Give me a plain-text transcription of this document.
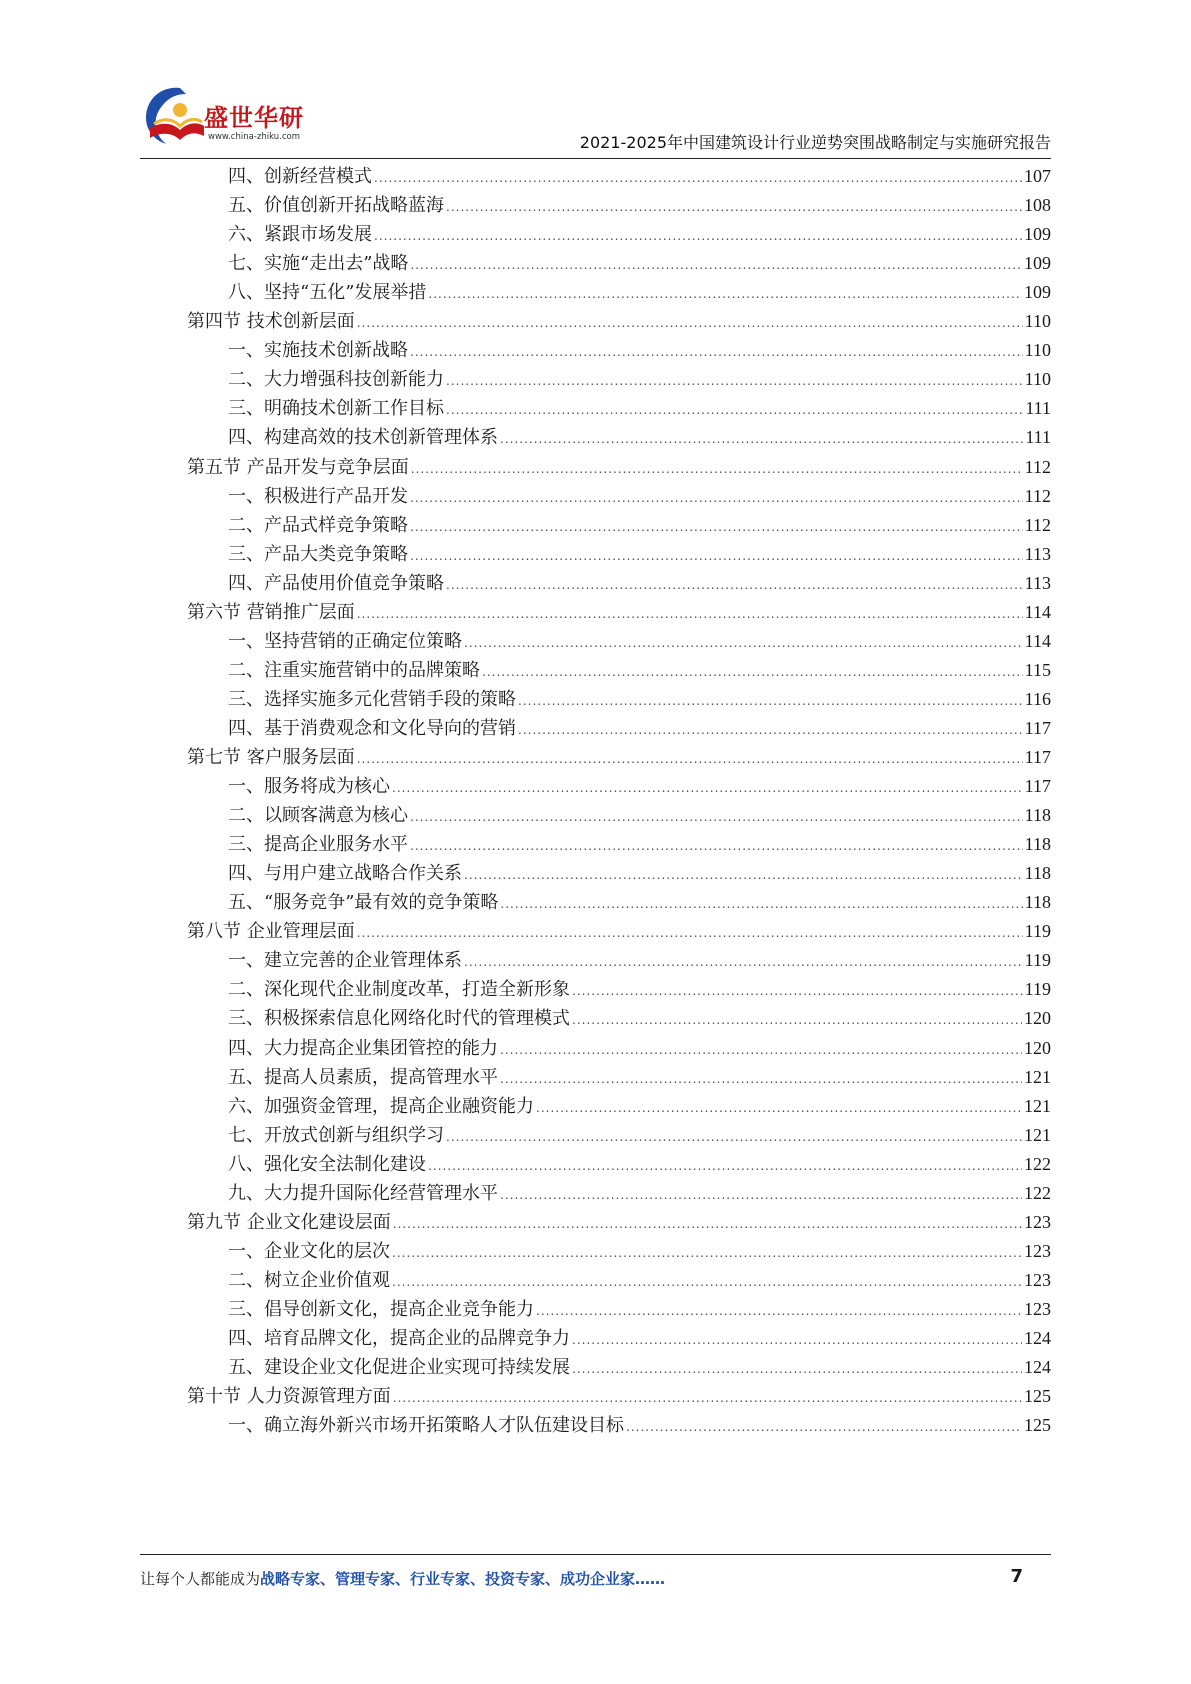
盛世华研
www.china-zhiku.com	2021-2025年中国建筑设计行业逆势突围战略制定与实施研究报告
四、创新经营模式 .....	107
五、价值创新开拓战略蓝海 .....	108
六、紧跟市场发展 .....	109
七、实施“走出去”战略 .....	109
八、坚持“五化”发展举措 .....	109
第四节 技术创新层面 .....	110
一、实施技术创新战略 .....	110
二、大力增强科技创新能力 .....	110
三、明确技术创新工作目标 .....	111
四、构建高效的技术创新管理体系 .....	111
第五节 产品开发与竞争层面 .....	112
一、积极进行产品开发 .....	112
二、产品式样竞争策略 .....	112
三、产品大类竞争策略 .....	113
四、产品使用价值竞争策略 .....	113
第六节 营销推广层面 .....	114
一、坚持营销的正确定位策略 .....	114
二、注重实施营销中的品牌策略 .....	115
三、选择实施多元化营销手段的策略 .....	116
四、基于消费观念和文化导向的营销 .....	117
第七节 客户服务层面 .....	117
一、服务将成为核心 .....	117
二、以顾客满意为核心 .....	118
三、提高企业服务水平 .....	118
四、与用户建立战略合作关系 .....	118
五、“服务竞争”最有效的竞争策略 .....	118
第八节 企业管理层面 .....	119
一、建立完善的企业管理体系 .....	119
二、深化现代企业制度改革，打造全新形象 .....	119
三、积极探索信息化网络化时代的管理模式 .....	120
四、大力提高企业集团管控的能力 .....	120
五、提高人员素质，提高管理水平 .....	121
六、加强资金管理，提高企业融资能力 .....	121
七、开放式创新与组织学习 .....	121
八、强化安全法制化建设 .....	122
九、大力提升国际化经营管理水平 .....	122
第九节 企业文化建设层面 .....	123
一、企业文化的层次 .....	123
二、树立企业价值观 .....	123
三、倡导创新文化，提高企业竞争能力 .....	123
四、培育品牌文化，提高企业的品牌竞争力 .....	124
五、建设企业文化促进企业实现可持续发展 .....	124
第十节 人力资源管理方面 .....	125
一、确立海外新兴市场开拓策略人才队伍建设目标 .....	125
让每个人都能成为战略专家、管理专家、行业专家、投资专家、成功企业家……	7
